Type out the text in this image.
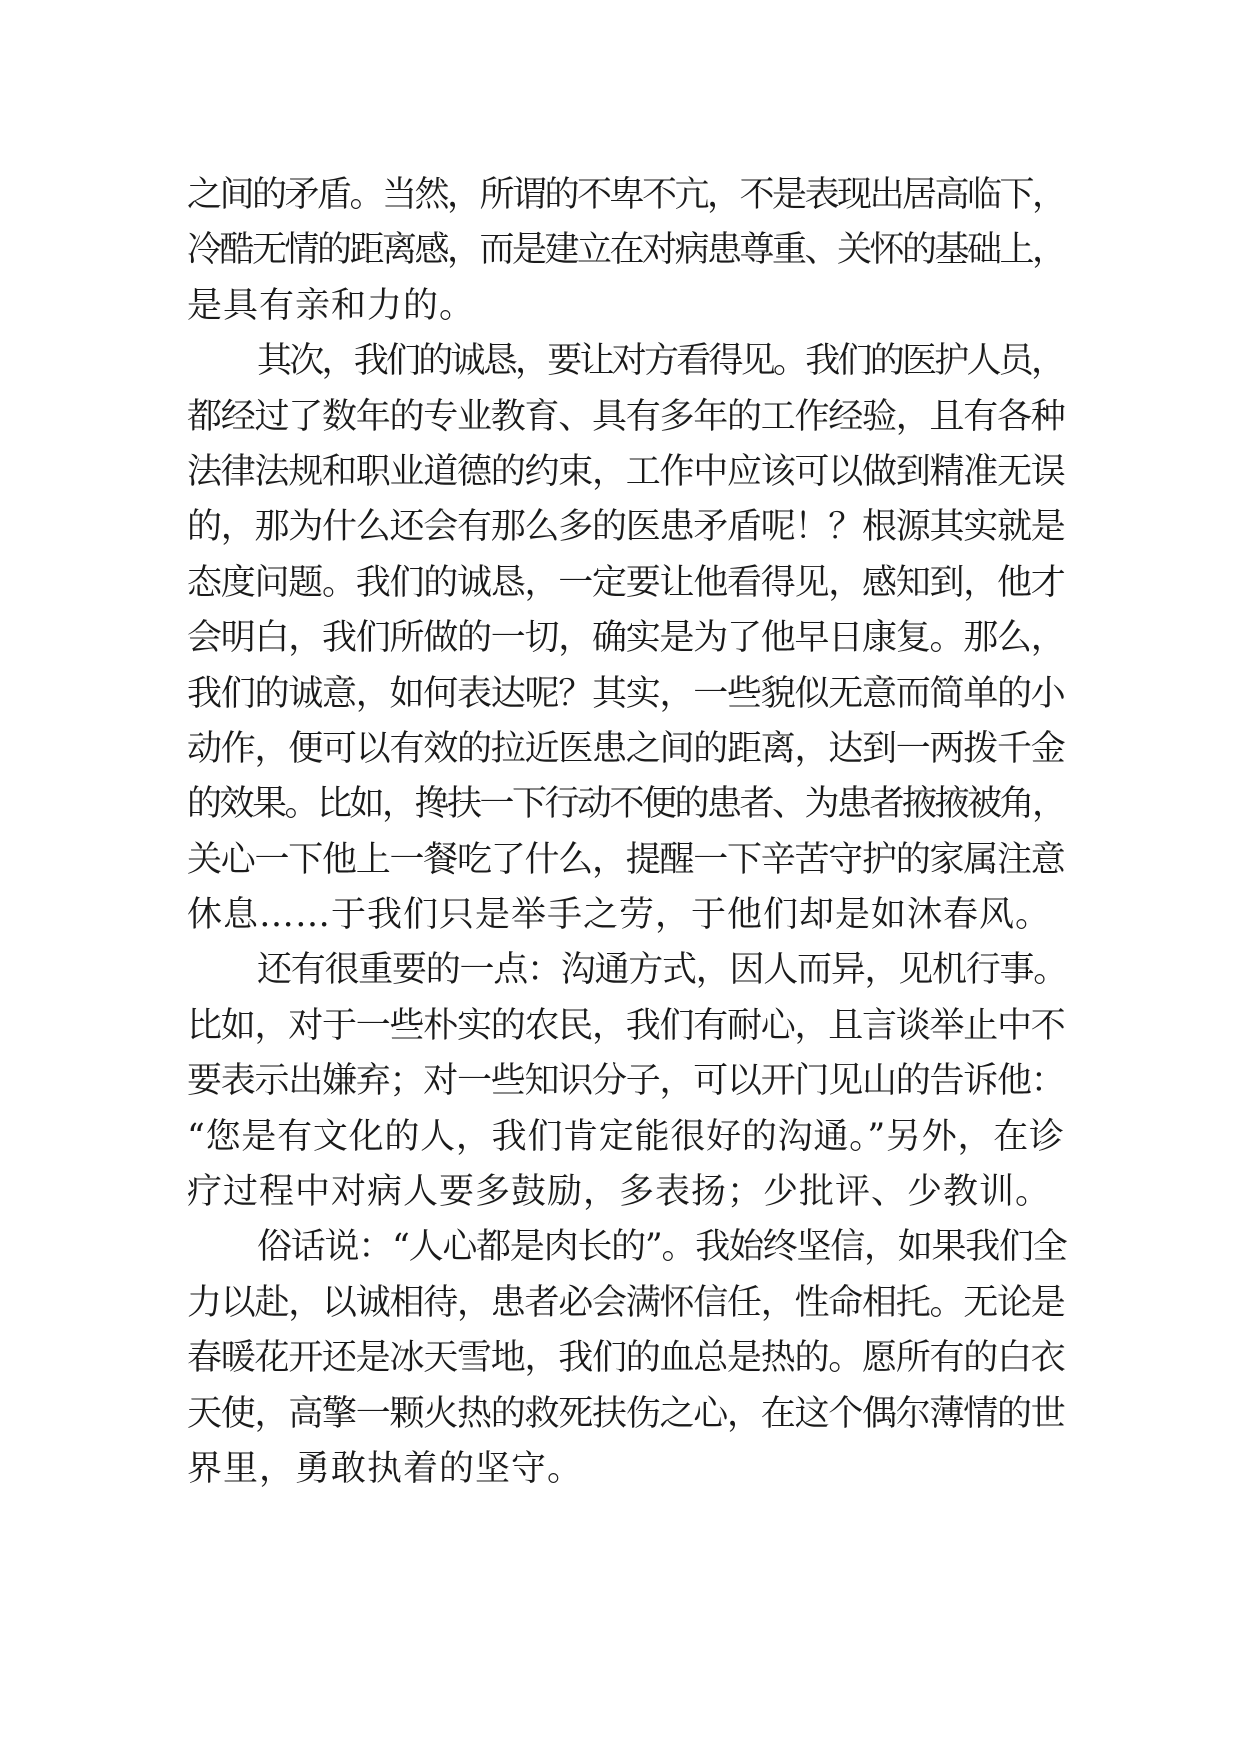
之间的矛盾。当然，所谓的不卑不亢，不是表现出居高临下，
冷酷无情的距离感，而是建立在对病患尊重、关怀的基础上，
是具有亲和力的。
其次，我们的诚恳，要让对方看得见。我们的医护人员，
都经过了数年的专业教育、具有多年的工作经验，且有各种
法律法规和职业道德的约束，工作中应该可以做到精准无误
的，那为什么还会有那么多的医患矛盾呢！？根源其实就是
态度问题。我们的诚恳，一定要让他看得见，感知到，他才
会明白，我们所做的一切，确实是为了他早日康复。那么，
我们的诚意，如何表达呢？其实，一些貌似无意而简单的小
动作，便可以有效的拉近医患之间的距离，达到一两拨千金
的效果。比如，搀扶一下行动不便的患者、为患者掖掖被角，
关心一下他上一餐吃了什么，提醒一下辛苦守护的家属注意
休息……于我们只是举手之劳，于他们却是如沐春风。
还有很重要的一点：沟通方式，因人而异，见机行事。
比如，对于一些朴实的农民，我们有耐心，且言谈举止中不
要表示出嫌弃；对一些知识分子，可以开门见山的告诉他：
“您是有文化的人，我们肯定能很好的沟通。”另外，在诊
疗过程中对病人要多鼓励，多表扬；少批评、少教训。
俗话说：“人心都是肉长的”。我始终坚信，如果我们全
力以赴，以诚相待，患者必会满怀信任，性命相托。无论是
春暖花开还是冰天雪地，我们的血总是热的。愿所有的白衣
天使，高擎一颗火热的救死扶伤之心，在这个偶尔薄情的世
界里，勇敢执着的坚守。
